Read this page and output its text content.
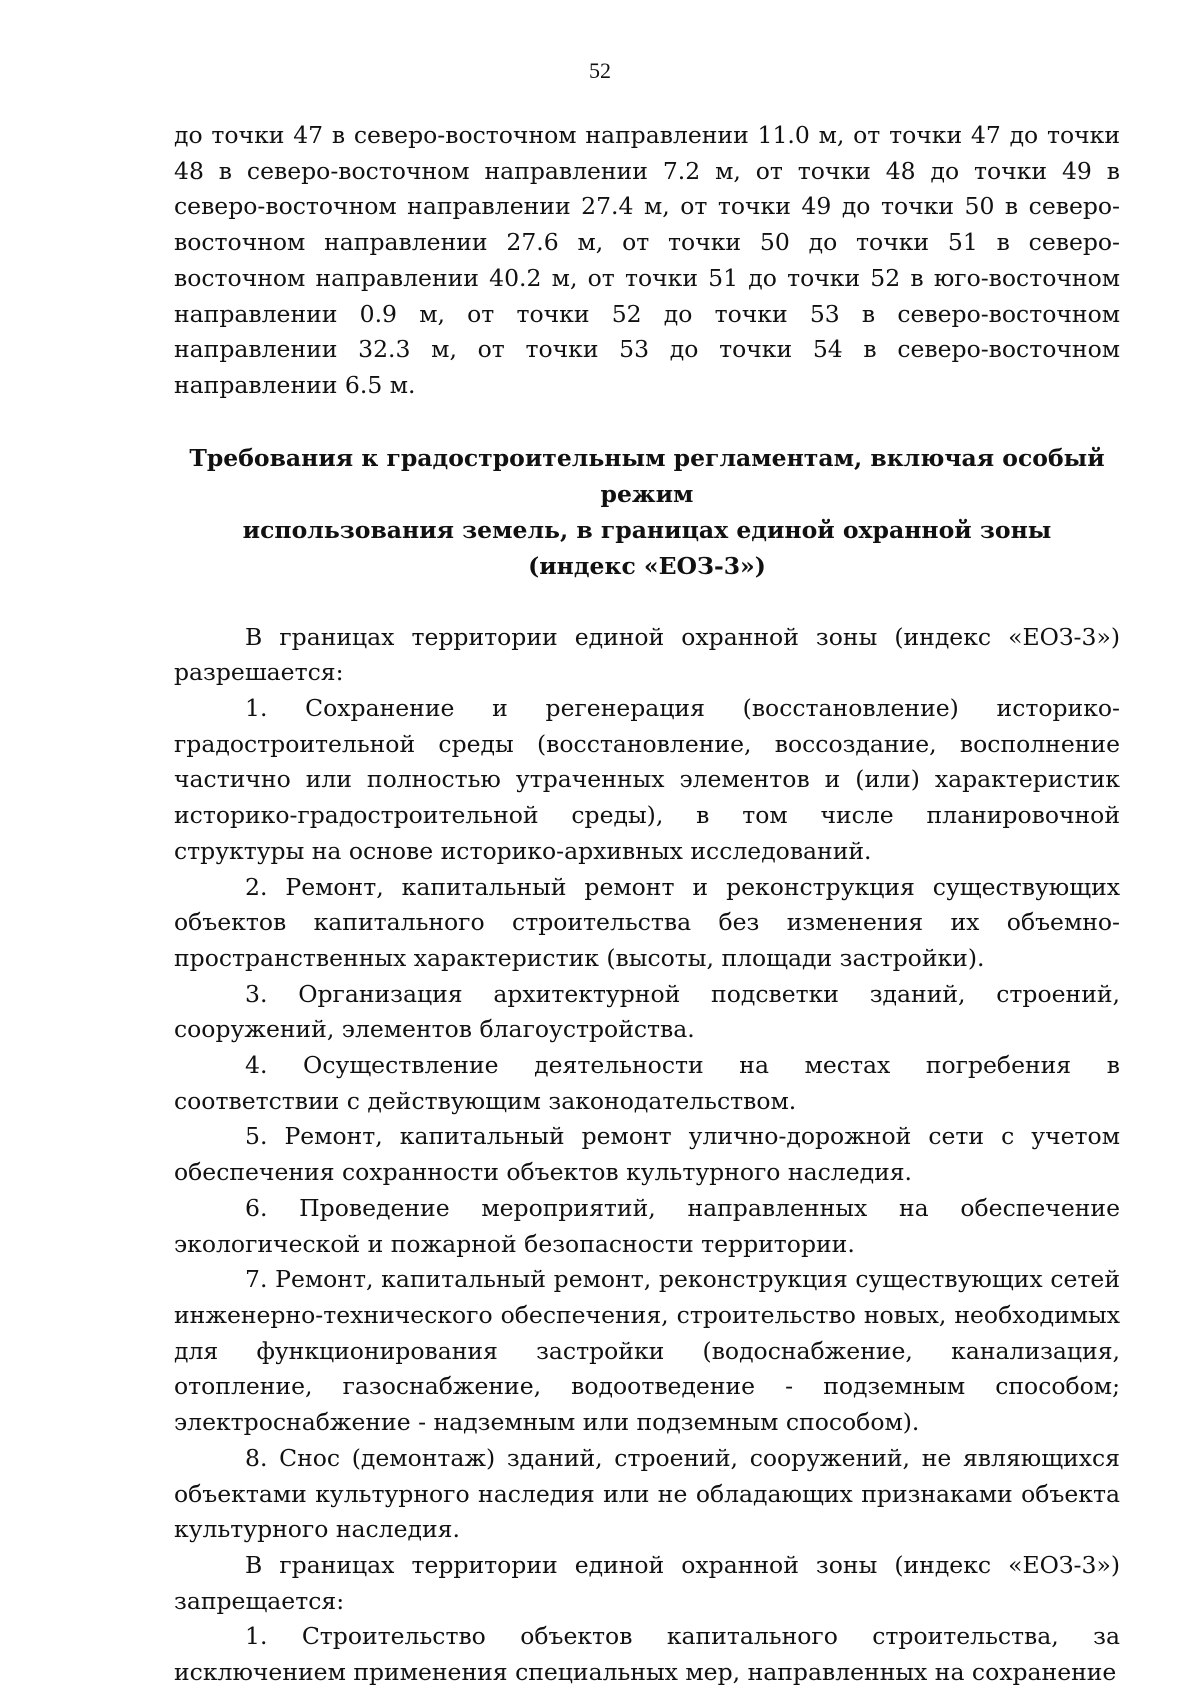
52

до точки 47 в северо-восточном направлении 11.0 м, от точки 47 до точки 48 в северо-восточном направлении 7.2 м, от точки 48 до точки 49 в северо-восточном направлении 27.4 м, от точки 49 до точки 50 в северо-восточном направлении 27.6 м, от точки 50 до точки 51 в северо-восточном направлении 40.2 м, от точки 51 до точки 52 в юго-восточном направлении 0.9 м, от точки 52 до точки 53 в северо-восточном направлении 32.3 м, от точки 53 до точки 54 в северо-восточном направлении 6.5 м.

Требования к градостроительным регламентам, включая особый режим
использования земель, в границах единой охранной зоны
(индекс «ЕОЗ-3»)

В границах территории единой охранной зоны (индекс «ЕОЗ-3») разрешается:

1. Сохранение и регенерация (восстановление) историко-градостроительной среды (восстановление, воссоздание, восполнение частично или полностью утраченных элементов и (или) характеристик историко-градостроительной среды), в том числе планировочной структуры на основе историко-архивных исследований.

2. Ремонт, капитальный ремонт и реконструкция существующих объектов капитального строительства без изменения их объемно-пространственных характеристик (высоты, площади застройки).

3. Организация архитектурной подсветки зданий, строений, сооружений, элементов благоустройства.

4. Осуществление деятельности на местах погребения в соответствии с действующим законодательством.

5. Ремонт, капитальный ремонт улично-дорожной сети с учетом обеспечения сохранности объектов культурного наследия.

6. Проведение мероприятий, направленных на обеспечение экологической и пожарной безопасности территории.

7. Ремонт, капитальный ремонт, реконструкция существующих сетей инженерно-технического обеспечения, строительство новых, необходимых для функционирования застройки (водоснабжение, канализация, отопление, газоснабжение, водоотведение - подземным способом; электроснабжение - надземным или подземным способом).

8. Снос (демонтаж) зданий, строений, сооружений, не являющихся объектами культурного наследия или не обладающих признаками объекта культурного наследия.

В границах территории единой охранной зоны (индекс «ЕОЗ-3») запрещается:

1. Строительство объектов капитального строительства, за исключением применения специальных мер, направленных на сохранение
